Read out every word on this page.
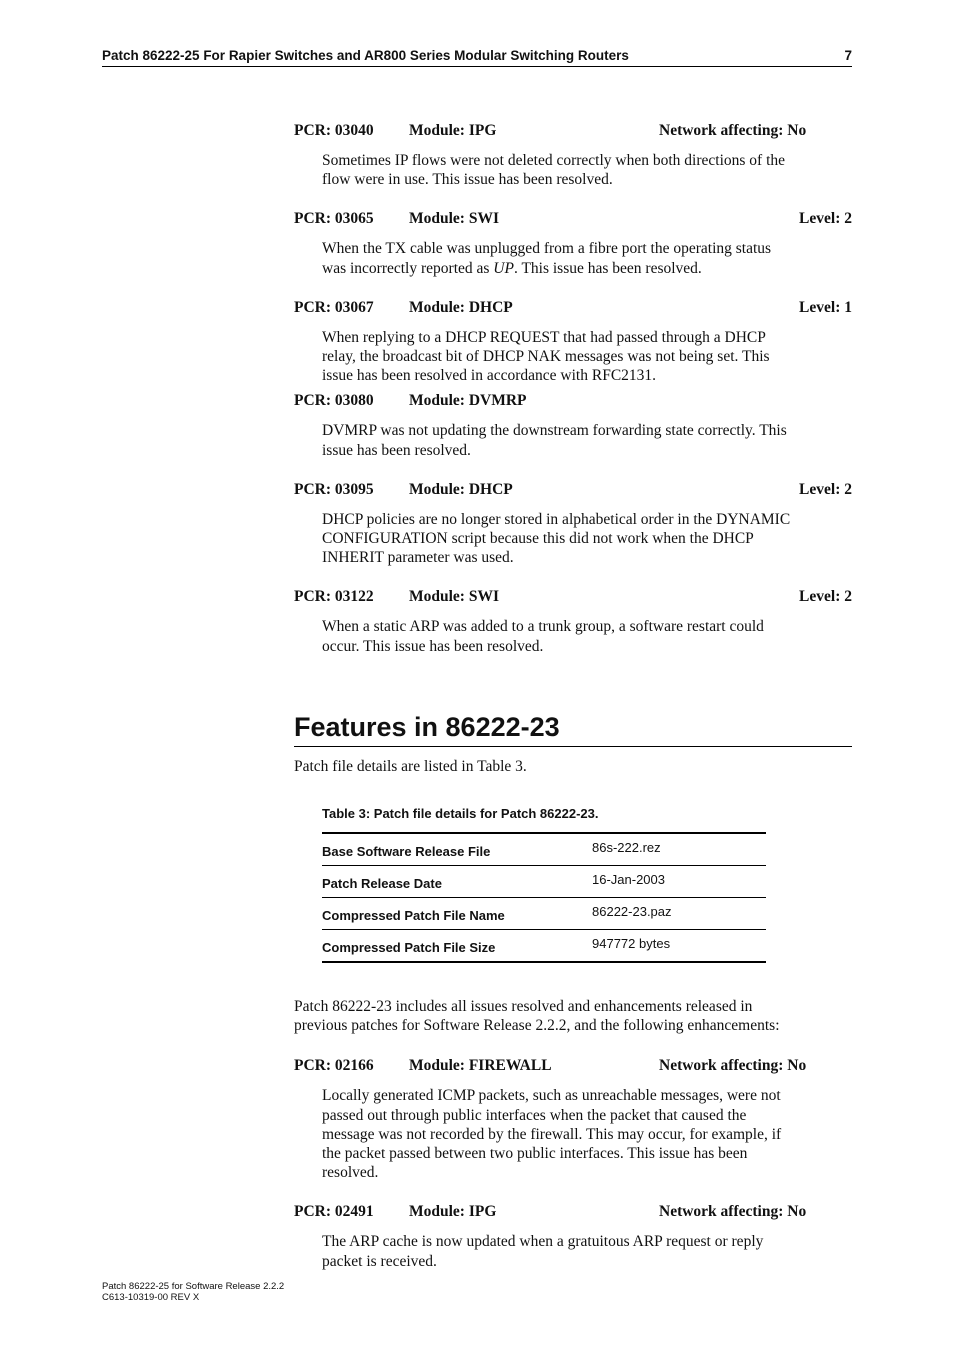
Patch 86222-25 For Rapier Switches and AR800 Series Modular Switching Routers	7
PCR: 03040 Module: IPG	Network affecting: No
Sometimes IP flows were not deleted correctly when both directions of the
flow were in use. This issue has been resolved.
PCR: 03065 Module: SWI	Level: 2
When the TX cable was unplugged from a fibre port the operating status
was incorrectly reported as UP. This issue has been resolved.
PCR: 03067 Module: DHCP	Level: 1
When replying to a DHCP REQUEST that had passed through a DHCP
relay, the broadcast bit of DHCP NAK messages was not being set. This
issue has been resolved in accordance with RFC2131.
PCR: 03080 Module: DVMRP
DVMRP was not updating the downstream forwarding state correctly. This
issue has been resolved.
PCR: 03095 Module: DHCP	Level: 2
DHCP policies are no longer stored in alphabetical order in the DYNAMIC
CONFIGURATION script because this did not work when the DHCP
INHERIT parameter was used.
PCR: 03122 Module: SWI	Level: 2
When a static ARP was added to a trunk group, a software restart could
occur. This issue has been resolved.
Features in 86222-23
Patch file details are listed in Table 3.
Table 3: Patch file details for Patch 86222-23.
Base Software Release File	86s-222.rez
Patch Release Date	16-Jan-2003
Compressed Patch File Name	86222-23.paz
Compressed Patch File Size	947772 bytes
Patch 86222-23 includes all issues resolved and enhancements released in
previous patches for Software Release 2.2.2, and the following enhancements:
PCR: 02166 Module: FIREWALL	Network affecting: No
Locally generated ICMP packets, such as unreachable messages, were not
passed out through public interfaces when the packet that caused the
message was not recorded by the firewall. This may occur, for example, if
the packet passed between two public interfaces. This issue has been
resolved.
PCR: 02491 Module: IPG	Network affecting: No
The ARP cache is now updated when a gratuitous ARP request or reply
packet is received.
Patch 86222-25 for Software Release 2.2.2
C613-10319-00 REV X
